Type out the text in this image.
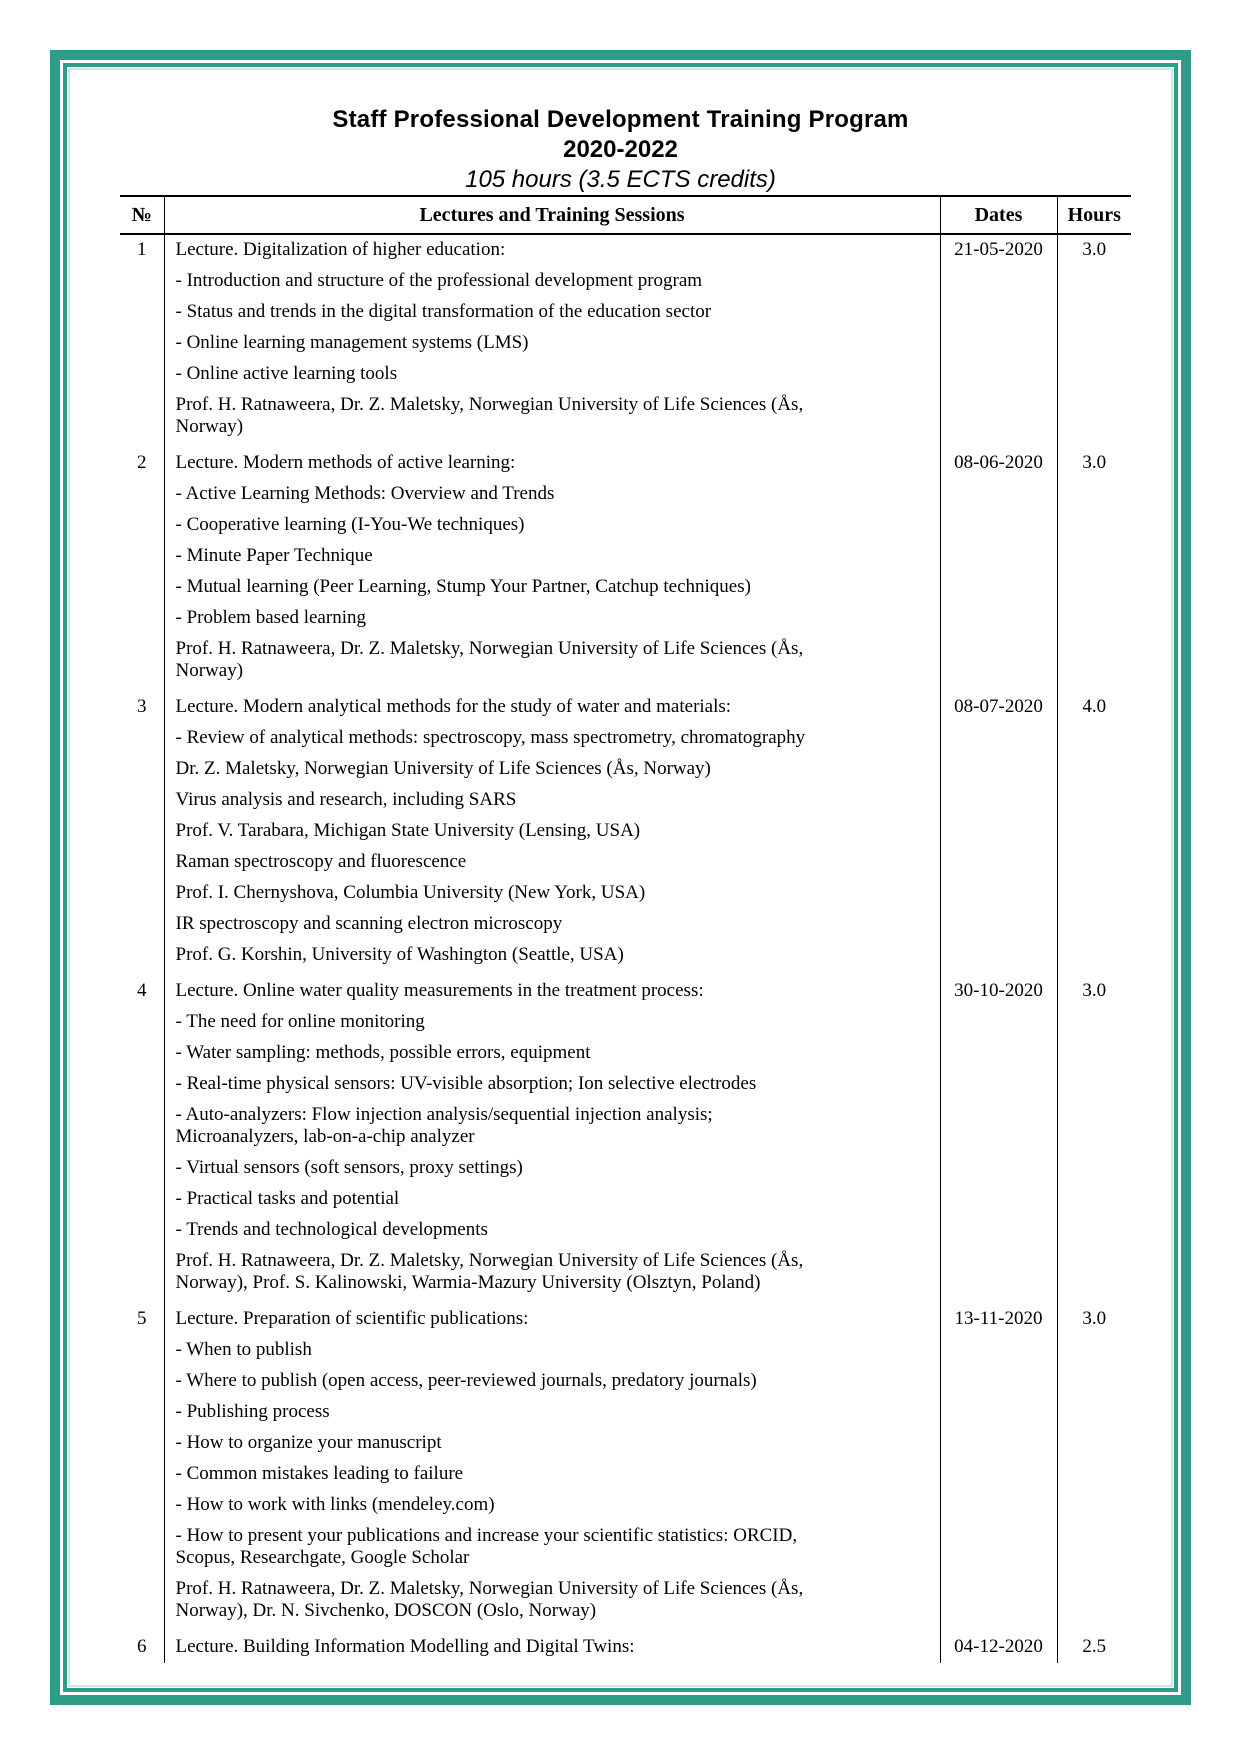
Staff Professional Development Training Program
2020-2022
105 hours (3.5 ECTS credits)
№	Lectures and Training Sessions	Dates	Hours
1	Lecture. Digitalization of higher education:

- Introduction and structure of the professional development program

- Status and trends in the digital transformation of the education sector

- Online learning management systems (LMS)

- Online active learning tools

Prof. H. Ratnaweera, Dr. Z. Maletsky, Norwegian University of Life Sciences (Ås,
Norway)

	21-05-2020	3.0
2	Lecture. Modern methods of active learning:

- Active Learning Methods: Overview and Trends

- Cooperative learning (I-You-We techniques)

- Minute Paper Technique

- Mutual learning (Peer Learning, Stump Your Partner, Catchup techniques)

- Problem based learning

Prof. H. Ratnaweera, Dr. Z. Maletsky, Norwegian University of Life Sciences (Ås,
Norway)

	08-06-2020	3.0
3	Lecture. Modern analytical methods for the study of water and materials:

- Review of analytical methods: spectroscopy, mass spectrometry, chromatography

Dr. Z. Maletsky, Norwegian University of Life Sciences (Ås, Norway)

Virus analysis and research, including SARS

Prof. V. Tarabara, Michigan State University (Lensing, USA)

Raman spectroscopy and fluorescence

Prof. I. Chernyshova, Columbia University (New York, USA)

IR spectroscopy and scanning electron microscopy

Prof. G. Korshin, University of Washington (Seattle, USA)

	08-07-2020	4.0
4	Lecture. Online water quality measurements in the treatment process:

- The need for online monitoring

- Water sampling: methods, possible errors, equipment

- Real-time physical sensors: UV-visible absorption; Ion selective electrodes

- Auto-analyzers: Flow injection analysis/sequential injection analysis;
Microanalyzers, lab-on-a-chip analyzer

- Virtual sensors (soft sensors, proxy settings)

- Practical tasks and potential

- Trends and technological developments

Prof. H. Ratnaweera, Dr. Z. Maletsky, Norwegian University of Life Sciences (Ås,
Norway), Prof. S. Kalinowski, Warmia-Mazury University (Olsztyn, Poland)

	30-10-2020	3.0
5	Lecture. Preparation of scientific publications:

- When to publish

- Where to publish (open access, peer-reviewed journals, predatory journals)

- Publishing process

- How to organize your manuscript

- Common mistakes leading to failure

- How to work with links (mendeley.com)

- How to present your publications and increase your scientific statistics: ORCID,
Scopus, Researchgate, Google Scholar

Prof. H. Ratnaweera, Dr. Z. Maletsky, Norwegian University of Life Sciences (Ås,
Norway), Dr. N. Sivchenko, DOSCON (Oslo, Norway)

	13-11-2020	3.0
6	Lecture. Building Information Modelling and Digital Twins:	04-12-2020	2.5
